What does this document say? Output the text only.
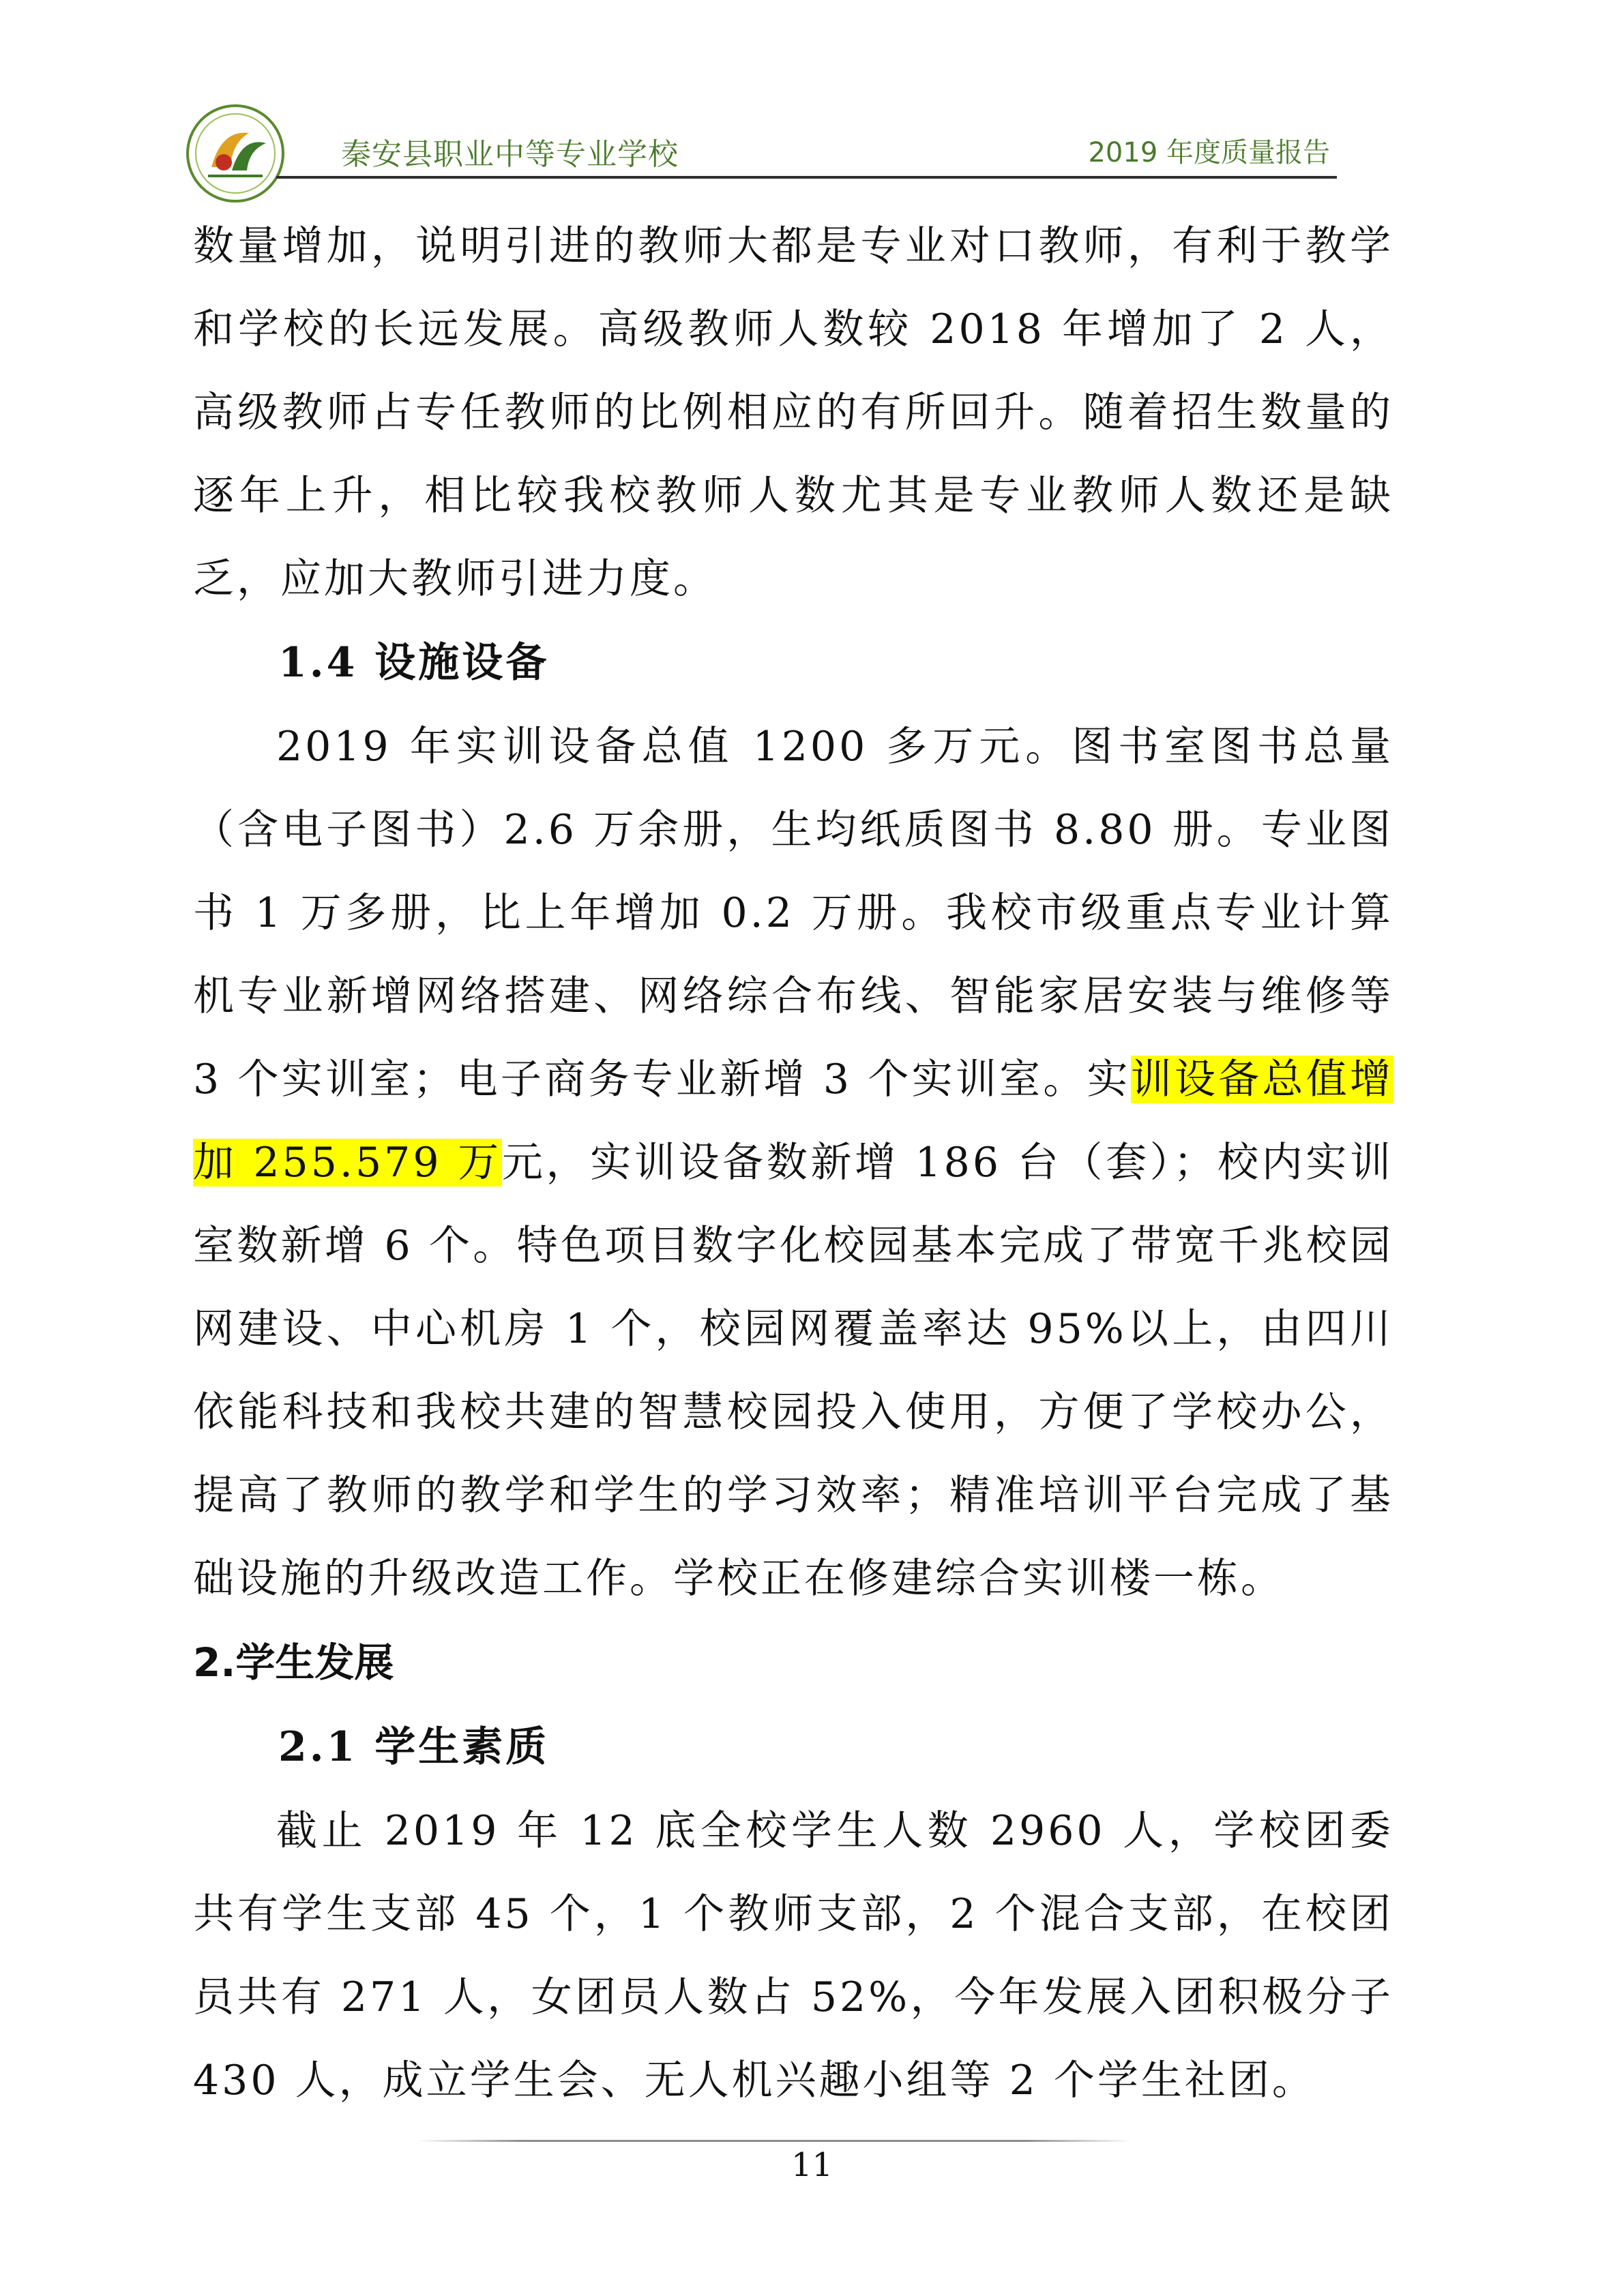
秦安县职业中等专业学校	2019 年度质量报告

数量增加，说明引进的教师大都是专业对口教师，有利于教学和学校的长远发展。高级教师人数较 2018 年增加了 2 人，高级教师占专任教师的比例相应的有所回升。随着招生数量的逐年上升，相比较我校教师人数尤其是专业教师人数还是缺乏，应加大教师引进力度。

1.4 设施设备

2019 年实训设备总值 1200 多万元。图书室图书总量（含电子图书）2.6 万余册，生均纸质图书 8.80 册。专业图书 1 万多册，比上年增加 0.2 万册。我校市级重点专业计算机专业新增网络搭建、网络综合布线、智能家居安装与维修等 3 个实训室；电子商务专业新增 3 个实训室。实训设备总值增加 255.579 万元，实训设备数新增 186 台（套）；校内实训室数新增 6 个。特色项目数字化校园基本完成了带宽千兆校园网建设、中心机房 1 个，校园网覆盖率达 95%以上，由四川依能科技和我校共建的智慧校园投入使用，方便了学校办公，提高了教师的教学和学生的学习效率；精准培训平台完成了基础设施的升级改造工作。学校正在修建综合实训楼一栋。

2.学生发展
2.1 学生素质

截止 2019 年 12 底全校学生人数 2960 人，学校团委共有学生支部 45 个，1 个教师支部，2 个混合支部，在校团员共有 271 人，女团员人数占 52%，今年发展入团积极分子 430 人，成立学生会、无人机兴趣小组等 2 个学生社团。

11
